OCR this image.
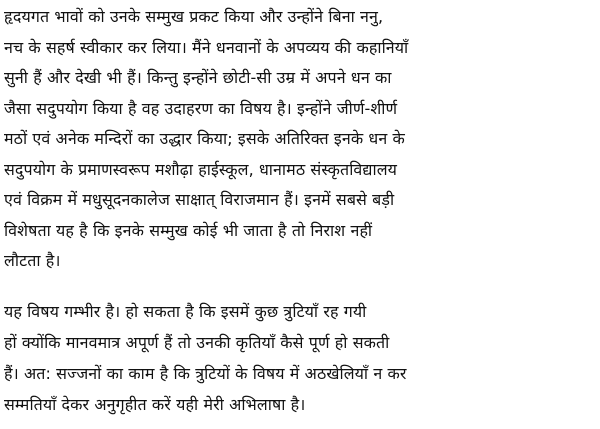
हृदयगत भावों को उनके सम्मुख प्रकट किया और उन्होंने बिना ननु,
नच के सहर्ष स्वीकार कर लिया। मैंने धनवानों के अपव्यय की कहानियाँ
सुनी हैं और देखी भी हैं। किन्तु इन्होंने छोटी-सी उम्र में अपने धन का
जैसा सदुपयोग किया है वह उदाहरण का विषय है। इन्होंने जीर्ण-शीर्ण
मठों एवं अनेक मन्दिरों का उद्धार किया; इसके अतिरिक्त इनके धन के
सदुपयोग के प्रमाणस्वरूप मशौढ़ा हाईस्कूल, धानामठ संस्कृतविद्यालय
एवं विक्रम में मधुसूदनकालेज साक्षात् विराजमान हैं। इनमें सबसे बड़ी
विशेषता यह है कि इनके सम्मुख कोई भी जाता है तो निराश नहीं
लौटता है।
यह विषय गम्भीर है। हो सकता है कि इसमें कुछ त्रुटियाँ रह गयी
हों क्योंकि मानवमात्र अपूर्ण हैं तो उनकी कृतियाँ कैसे पूर्ण हो सकती
हैं। अत: सज्जनों का काम है कि त्रुटियों के विषय में अठखेलियाँ न कर
सम्मतियाँ देकर अनुगृहीत करें यही मेरी अभिलाषा है।
